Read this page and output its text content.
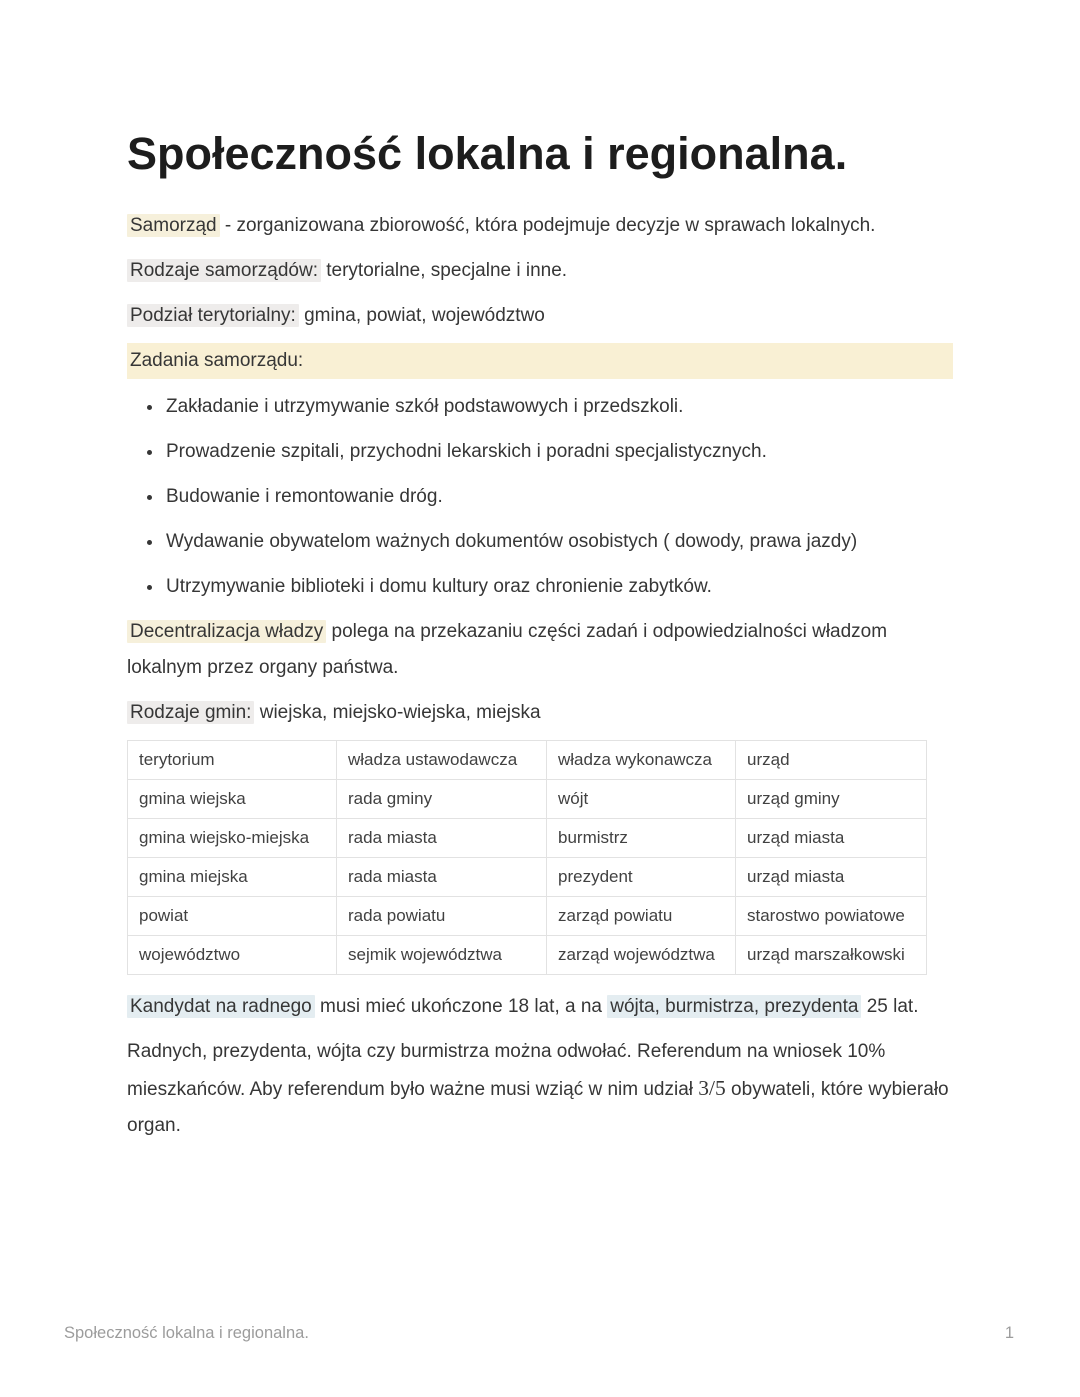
Społeczność lokalna i regionalna.

Samorząd - zorganizowana zbiorowość, która podejmuje decyzje w sprawach lokalnych.

Rodzaje samorządów: terytorialne, specjalne i inne.

Podział terytorialny: gmina, powiat, województwo

Zadania samorządu:
• Zakładanie i utrzymywanie szkół podstawowych i przedszkoli.
• Prowadzenie szpitali, przychodni lekarskich i poradni specjalistycznych.
• Budowanie i remontowanie dróg.
• Wydawanie obywatelom ważnych dokumentów osobistych ( dowody, prawa jazdy)
• Utrzymywanie biblioteki i domu kultury oraz chronienie zabytków.

Decentralizacja władzy polega na przekazaniu części zadań i odpowiedzialności władzom lokalnym przez organy państwa.

Rodzaje gmin: wiejska, miejsko-wiejska, miejska

terytorium	władza ustawodawcza	władza wykonawcza	urząd
gmina wiejska	rada gminy	wójt	urząd gminy
gmina wiejsko-miejska	rada miasta	burmistrz	urząd miasta
gmina miejska	rada miasta	prezydent	urząd miasta
powiat	rada powiatu	zarząd powiatu	starostwo powiatowe
województwo	sejmik województwa	zarząd województwa	urząd marszałkowski

Kandydat na radnego musi mieć ukończone 18 lat, a na wójta, burmistrza, prezydenta 25 lat.

Radnych, prezydenta, wójta czy burmistrza można odwołać. Referendum na wniosek 10% mieszkańców. Aby referendum było ważne musi wziąć w nim udział 3/5 obywateli, które wybierało organ.

Społeczność lokalna i regionalna.	1
